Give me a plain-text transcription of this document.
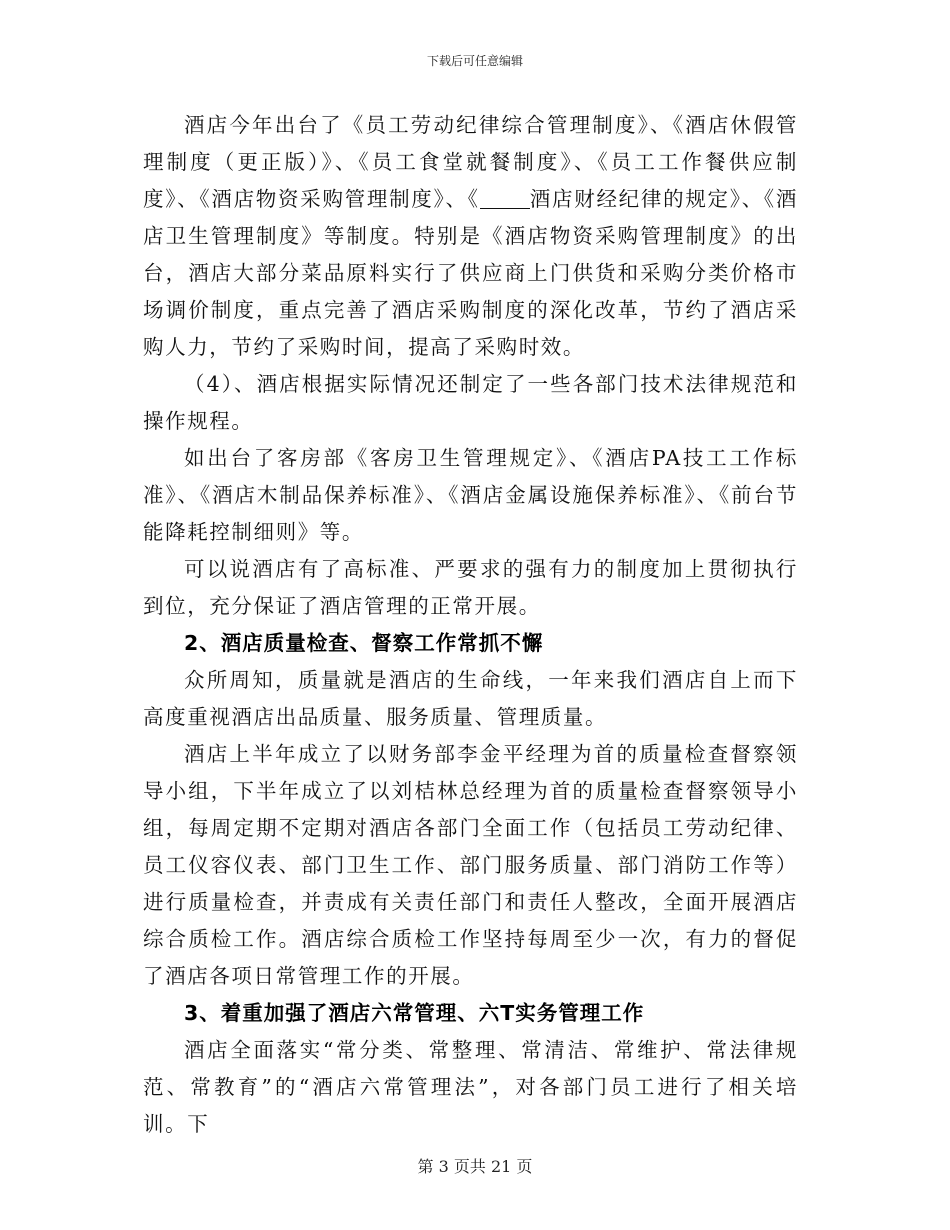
下载后可任意编辑

酒店今年出台了《员工劳动纪律综合管理制度》、《酒店休假管理制度（更正版）》、《员工食堂就餐制度》、《员工工作餐供应制度》、《酒店物资采购管理制度》、《 酒店财经纪律的规定》、《酒店卫生管理制度》等制度。特别是《酒店物资采购管理制度》的出台，酒店大部分菜品原料实行了供应商上门供货和采购分类价格市场调价制度，重点完善了酒店采购制度的深化改革，节约了酒店采购人力，节约了采购时间，提高了采购时效。

（4）、酒店根据实际情况还制定了一些各部门技术法律规范和操作规程。

如出台了客房部《客房卫生管理规定》、《酒店PA技工工作标准》、《酒店木制品保养标准》、《酒店金属设施保养标准》、《前台节能降耗控制细则》等。

可以说酒店有了高标准、严要求的强有力的制度加上贯彻执行到位，充分保证了酒店管理的正常开展。

2、酒店质量检查、督察工作常抓不懈

众所周知，质量就是酒店的生命线，一年来我们酒店自上而下高度重视酒店出品质量、服务质量、管理质量。

酒店上半年成立了以财务部李金平经理为首的质量检查督察领导小组，下半年成立了以刘桔林总经理为首的质量检查督察领导小组，每周定期不定期对酒店各部门全面工作（包括员工劳动纪律、员工仪容仪表、部门卫生工作、部门服务质量、部门消防工作等）进行质量检查，并责成有关责任部门和责任人整改，全面开展酒店综合质检工作。酒店综合质检工作坚持每周至少一次，有力的督促了酒店各项日常管理工作的开展。

3、着重加强了酒店六常管理、六T实务管理工作

酒店全面落实“常分类、常整理、常清洁、常维护、常法律规范、常教育”的“酒店六常管理法”，对各部门员工进行了相关培训。下

第 3 页共 21 页
